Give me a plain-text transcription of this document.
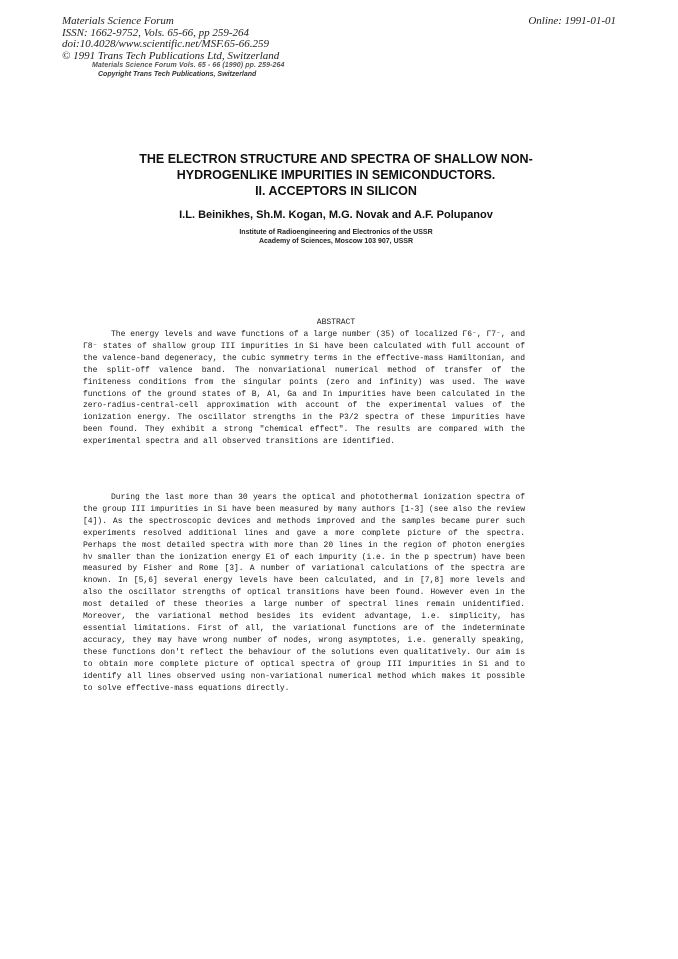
Materials Science Forum
ISSN: 1662-9752, Vols. 65-66, pp 259-264
doi:10.4028/www.scientific.net/MSF.65-66.259
© 1991 Trans Tech Publications Ltd, Switzerland
Online: 1991-01-01
Materials Science Forum Vols. 65 - 66 (1990) pp. 259-264
Copyright Trans Tech Publications, Switzerland
THE ELECTRON STRUCTURE AND SPECTRA OF SHALLOW NON-
HYDROGENLIKE IMPURITIES IN SEMICONDUCTORS.
II. ACCEPTORS IN SILICON
I.L. Beinikhes, Sh.M. Kogan, M.G. Novak and A.F. Polupanov
Institute of Radioengineering and Electronics of the USSR
Academy of Sciences, Moscow 103 907, USSR
ABSTRACT

The energy levels and wave functions of a large number (35) of localized Γ6⁻, Γ7⁻, and Γ8⁻ states of shallow group III impurities in Si have been calculated with full account of the valence-band degeneracy, the cubic symmetry terms in the effective-mass Hamiltonian, and the split-off valence band. The nonvariational numerical method of transfer of the finiteness conditions from the singular points (zero and infinity) was used. The wave functions of the ground states of B, Al, Ga and In impurities have been calculated in the zero-radius-central-cell approximation with account of the experimental values of the ionization energy. The oscillator strengths in the P3/2 spectra of these impurities have been found. They exhibit a strong "chemical effect". The results are compared with the experimental spectra and all observed transitions are identified.

During the last more than 30 years the optical and photothermal ionization spectra of the group III impurities in Si have been measured by many authors [1-3] (see also the review [4]). As the spectroscopic devices and methods improved and the samples became purer such experiments resolved additional lines and gave a more complete picture of the spectra. Perhaps the most detailed spectra with more than 20 lines in the region of photon energies hν smaller than the ionization energy E1 of each impurity (i.e. in the p spectrum) have been measured by Fisher and Rome [3]. A number of variational calculations of the spectra are known. In [5,6] several energy levels have been calculated, and in [7,8] more levels and also the oscillator strengths of optical transitions have been found. However even in the most detailed of these theories a large number of spectral lines remain unidentified. Moreover, the variational method besides its evident advantage, i.e. simplicity, has essential limitations. First of all, the variational functions are of the indeterminate accuracy, they may have wrong number of nodes, wrong asymptotes, i.e. generally speaking, these functions don't reflect the behaviour of the solutions even qualitatively. Our aim is to obtain more complete picture of optical spectra of group III impurities in Si and to identify all lines observed using non-variational numerical method which makes it possible to solve effective-mass equations directly.
